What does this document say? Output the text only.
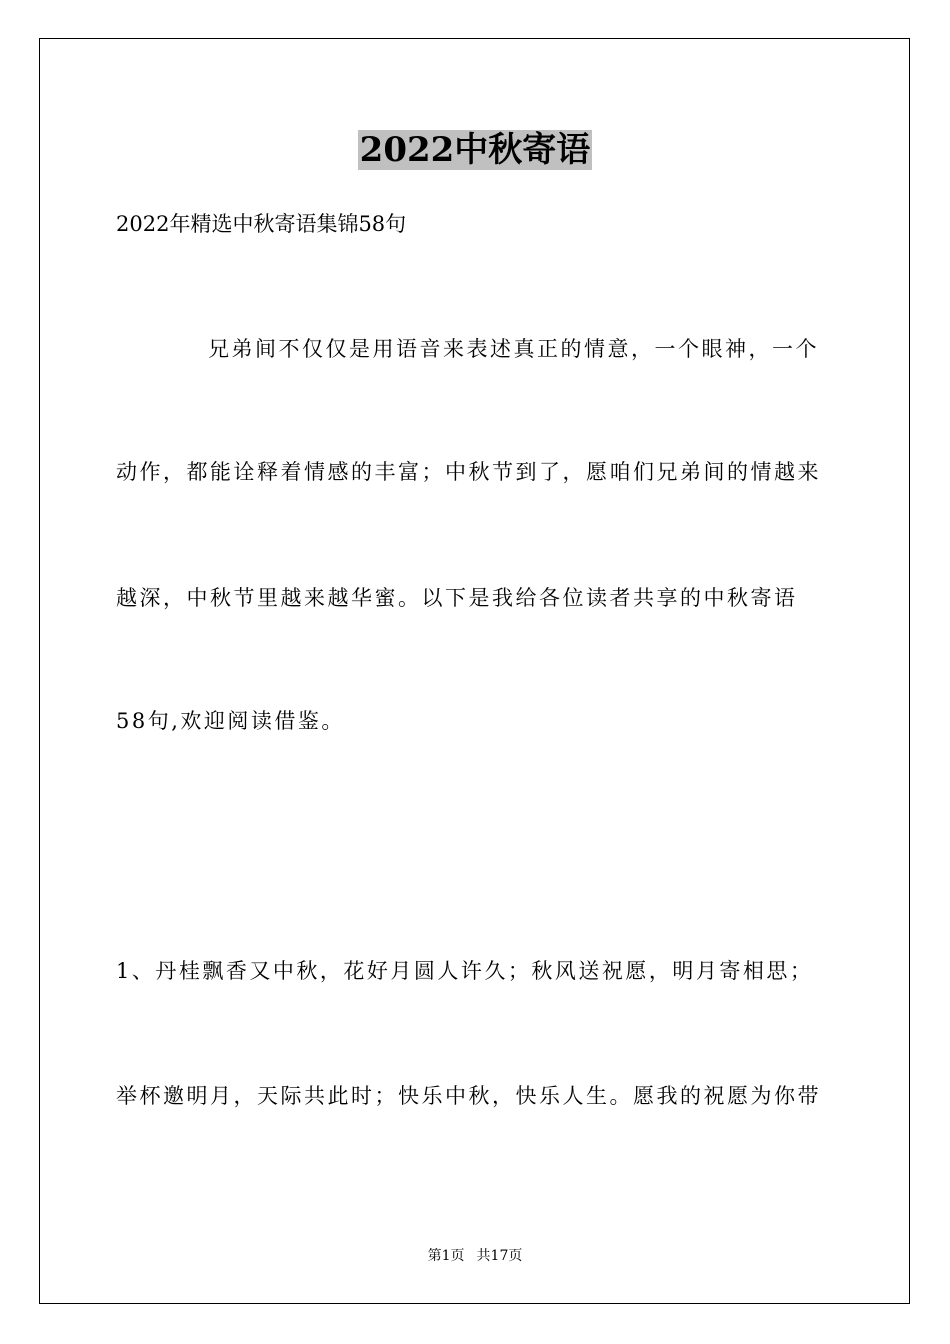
2022中秋寄语
2022年精选中秋寄语集锦58句
兄弟间不仅仅是用语音来表述真正的情意，一个眼神，一个
动作，都能诠释着情感的丰富；中秋节到了，愿咱们兄弟间的情越来
越深，中秋节里越来越华蜜。以下是我给各位读者共享的中秋寄语
58句,欢迎阅读借鉴。
1、丹桂飘香又中秋，花好月圆人许久；秋风送祝愿，明月寄相思；
举杯邀明月，天际共此时；快乐中秋，快乐人生。愿我的祝愿为你带
第1页 共17页
